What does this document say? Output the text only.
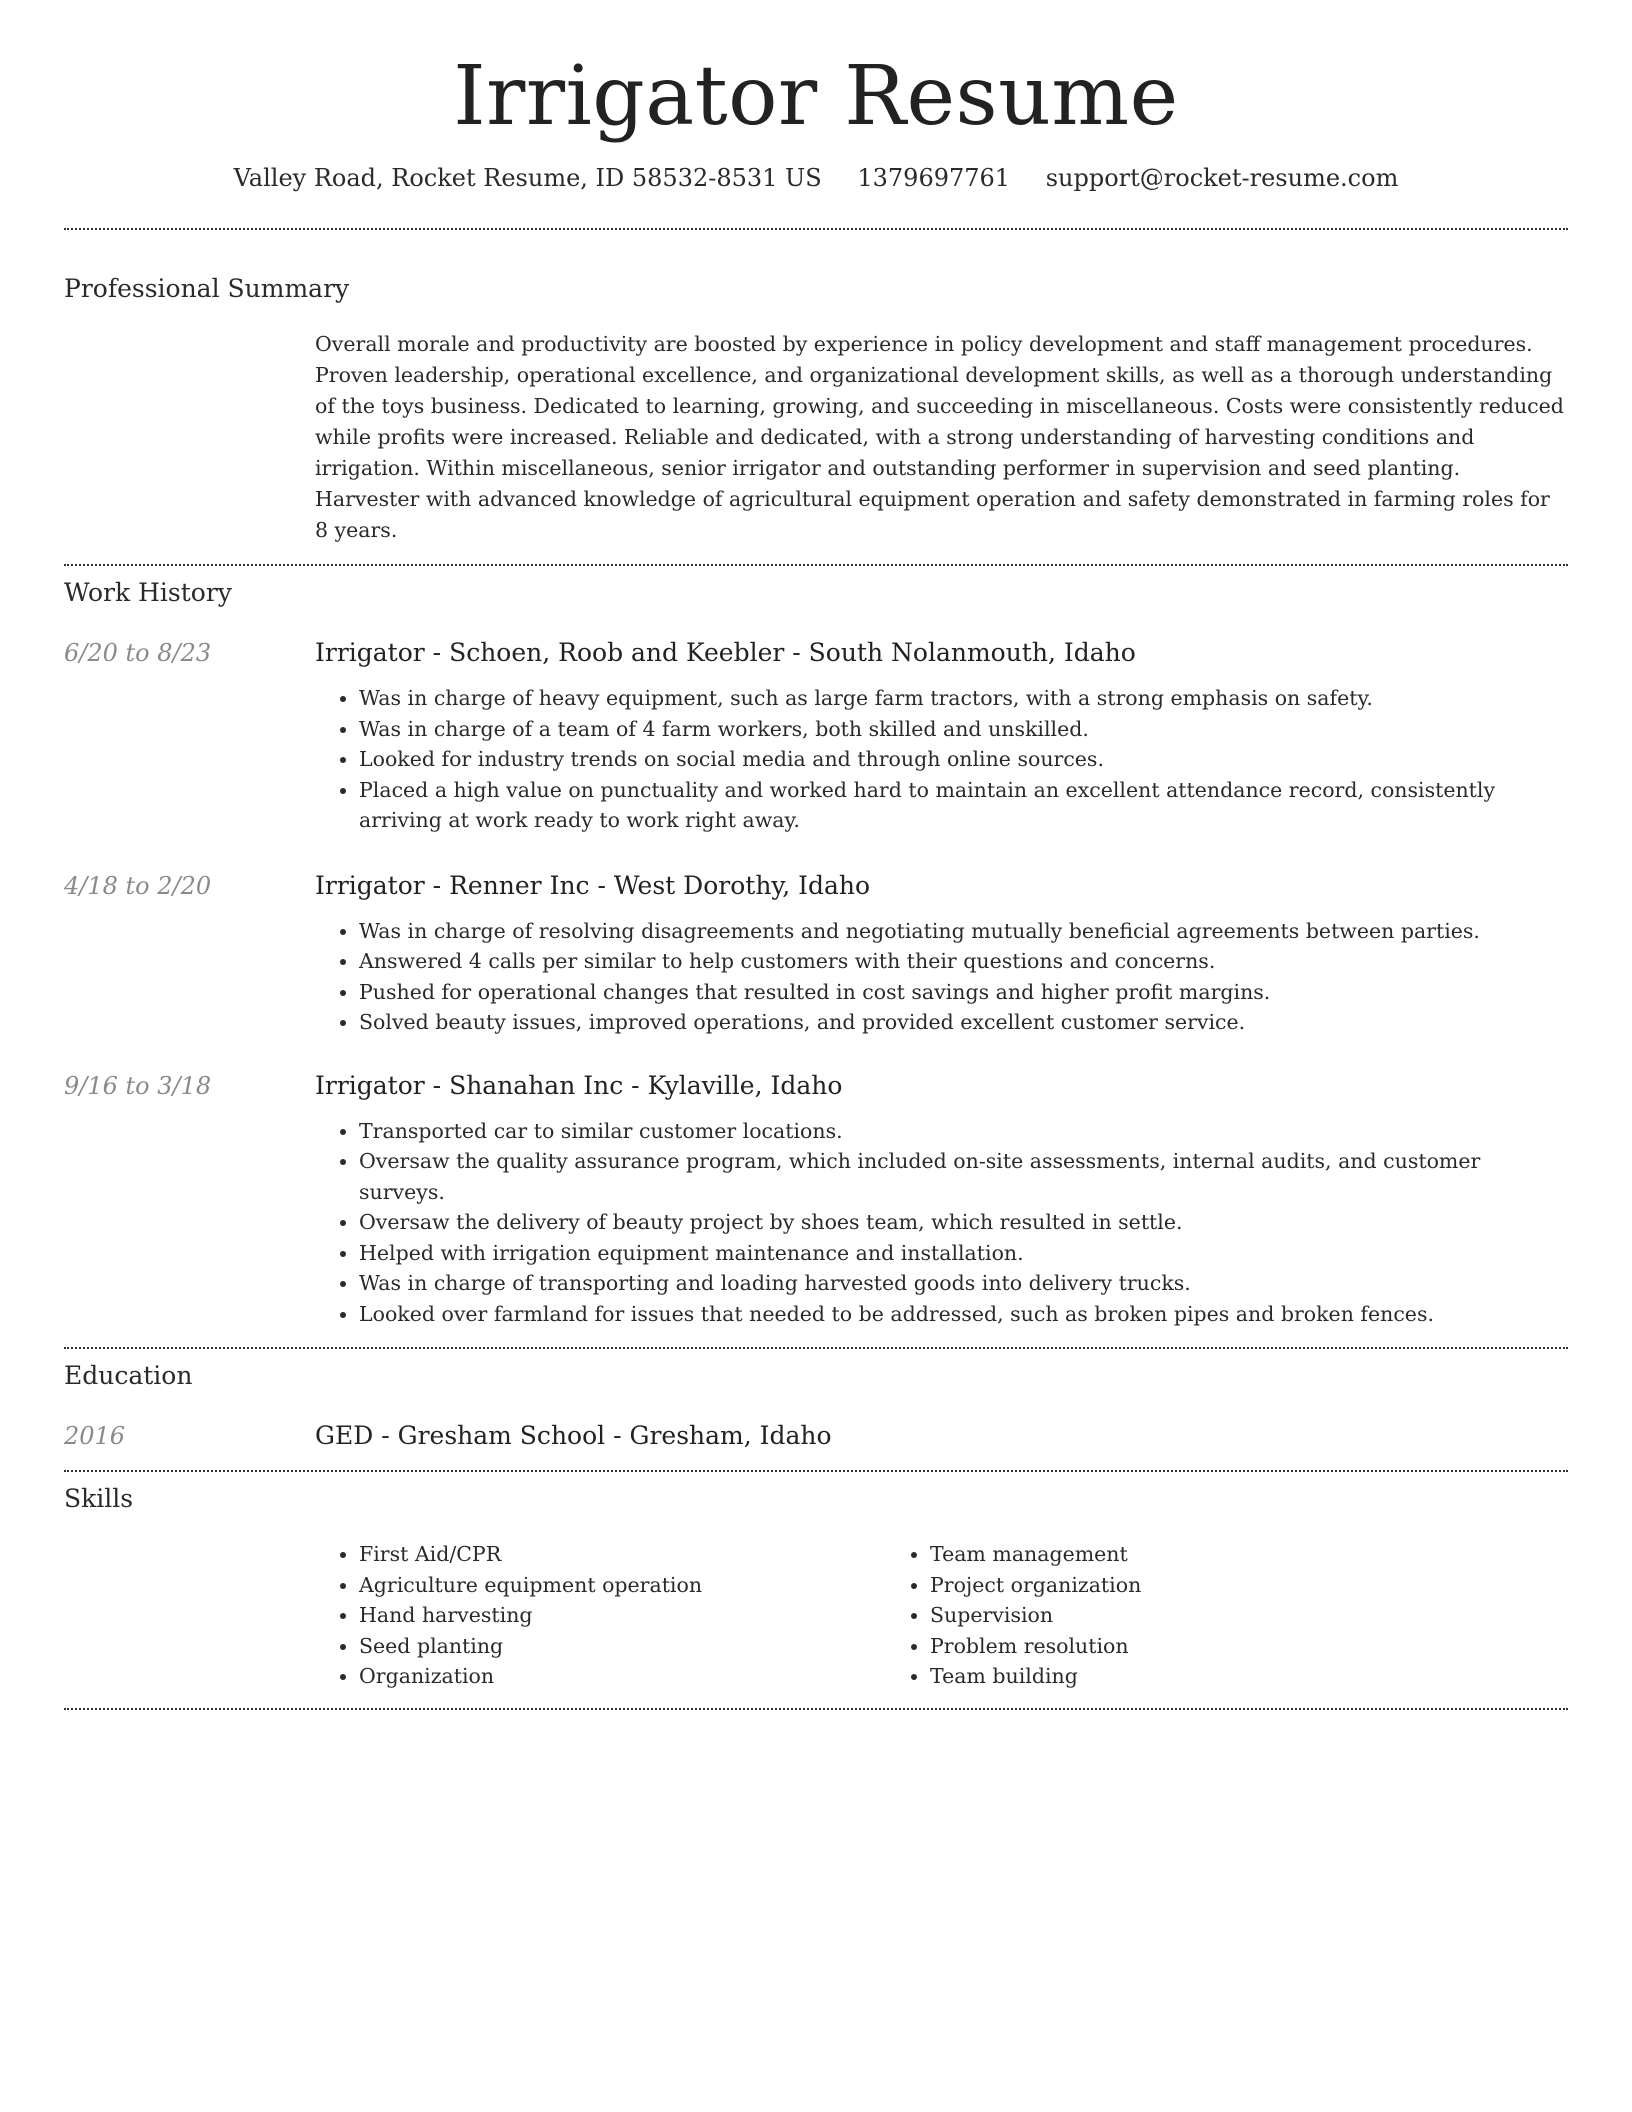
Irrigator Resume
Valley Road, Rocket Resume, ID 58532-8531 US 1379697761 support@rocket-resume.com
Professional Summary

Overall morale and productivity are boosted by experience in policy development and staff management procedures. Proven leadership, operational excellence, and organizational development skills, as well as a thorough understanding of the toys business. Dedicated to learning, growing, and succeeding in miscellaneous. Costs were consistently reduced while profits were increased. Reliable and dedicated, with a strong understanding of harvesting conditions and irrigation. Within miscellaneous, senior irrigator and outstanding performer in supervision and seed planting. Harvester with advanced knowledge of agricultural equipment operation and safety demonstrated in farming roles for 8 years.

Work History
6/20 to 8/23	Irrigator - Schoen, Roob and Keebler - South Nolanmouth, Idaho
• Was in charge of heavy equipment, such as large farm tractors, with a strong emphasis on safety.
• Was in charge of a team of 4 farm workers, both skilled and unskilled.
• Looked for industry trends on social media and through online sources.
• Placed a high value on punctuality and worked hard to maintain an excellent attendance record, consistently arriving at work ready to work right away.
4/18 to 2/20	Irrigator - Renner Inc - West Dorothy, Idaho
• Was in charge of resolving disagreements and negotiating mutually beneficial agreements between parties.
• Answered 4 calls per similar to help customers with their questions and concerns.
• Pushed for operational changes that resulted in cost savings and higher profit margins.
• Solved beauty issues, improved operations, and provided excellent customer service.
9/16 to 3/18	Irrigator - Shanahan Inc - Kylaville, Idaho
• Transported car to similar customer locations.
• Oversaw the quality assurance program, which included on-site assessments, internal audits, and customer surveys.
• Oversaw the delivery of beauty project by shoes team, which resulted in settle.
• Helped with irrigation equipment maintenance and installation.
• Was in charge of transporting and loading harvested goods into delivery trucks.
• Looked over farmland for issues that needed to be addressed, such as broken pipes and broken fences.
Education
2016	GED - Gresham School - Gresham, Idaho
Skills
• First Aid/CPR
• Agriculture equipment operation
• Hand harvesting
• Seed planting
• Organization
• Team management
• Project organization
• Supervision
• Problem resolution
• Team building
